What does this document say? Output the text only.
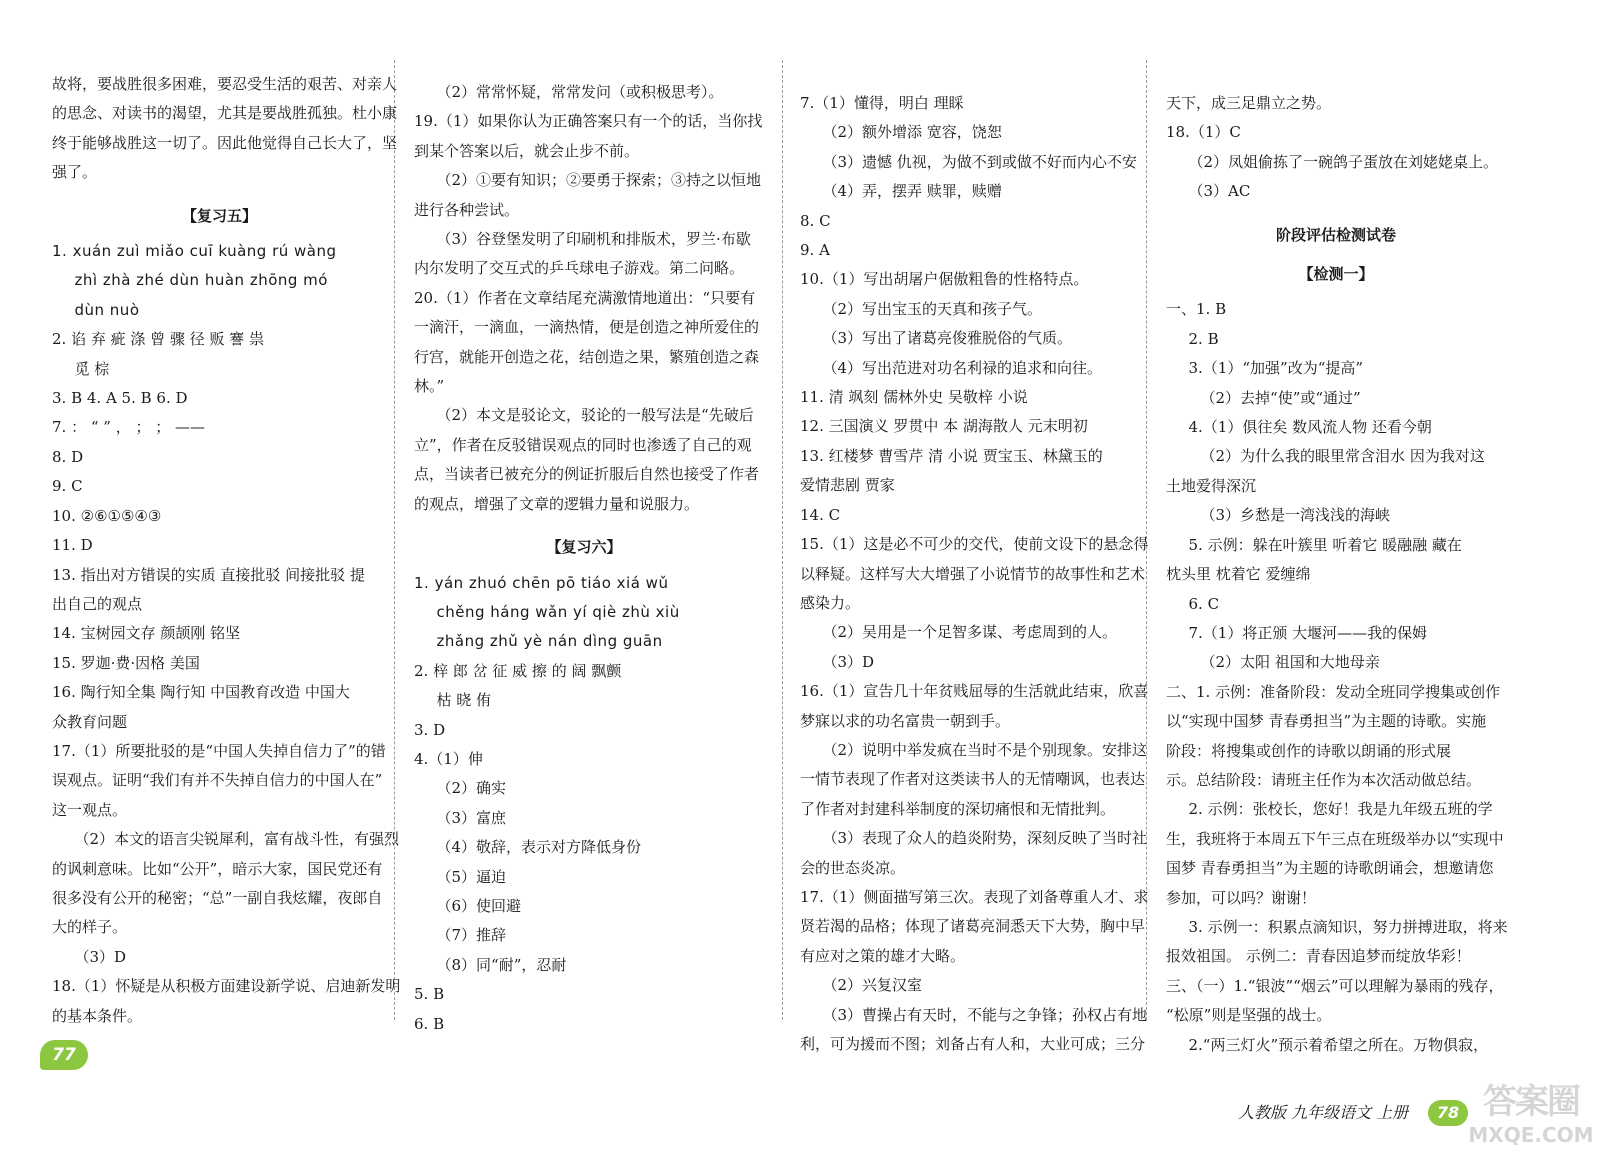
故将，要战胜很多困难，要忍受生活的艰苦、对亲人
的思念、对读书的渴望，尤其是要战胜孤独。杜小康
终于能够战胜这一切了。因此他觉得自己长大了，坚
强了。
【复习五】
1. xuán zuì miǎo cuī kuàng rú wàng
zhì zhà zhé dùn huàn zhōng mó
dùn nuò
2. 谄 弃 疵 涤 曾 骤 径 贩 謇 祟
觅 棕
3. B 4. A 5. B 6. D
7. ： “ ” ， ； ； ——
8. D
9. C
10. ②⑥①⑤④③
11. D
13. 指出对方错误的实质 直接批驳 间接批驳 提
出自己的观点
14. 宝树园文存 颜颉刚 铭坚
15. 罗迦·费·因格 美国
16. 陶行知全集 陶行知 中国教育改造 中国大
众教育问题
17.（1）所要批驳的是“中国人失掉自信力了”的错
误观点。证明“我们有并不失掉自信力的中国人在”
这一观点。
（2）本文的语言尖锐犀利，富有战斗性，有强烈
的讽刺意味。比如“公开”，暗示大家，国民党还有
很多没有公开的秘密；“总”一副自我炫耀，夜郎自
大的样子。
（3）D
18.（1）怀疑是从积极方面建设新学说、启迪新发明
的基本条件。
（2）常常怀疑，常常发问（或积极思考）。
19.（1）如果你认为正确答案只有一个的话，当你找
到某个答案以后，就会止步不前。
（2）①要有知识；②要勇于探索；③持之以恒地
进行各种尝试。
（3）谷登堡发明了印刷机和排版术，罗兰·布歇
内尔发明了交互式的乒乓球电子游戏。第二问略。
20.（1）作者在文章结尾充满激情地道出：“只要有
一滴汗，一滴血，一滴热情，便是创造之神所爱住的
行宫，就能开创造之花，结创造之果，繁殖创造之森
林。”
（2）本文是驳论文，驳论的一般写法是“先破后
立”，作者在反驳错误观点的同时也渗透了自己的观
点，当读者已被充分的例证折服后自然也接受了作者
的观点，增强了文章的逻辑力量和说服力。
【复习六】
1. yán zhuó chēn pō tiáo xiá wǔ
chěng háng wǎn yí qiè zhù xiù
zhǎng zhǔ yè nán dìng guān
2. 梓 郎 岔 征 威 擦 的 阔 飘颤
枯 晓 侑
3. D
4.（1）伸
（2）确实
（3）富庶
（4）敬辞，表示对方降低身份
（5）逼迫
（6）使回避
（7）推辞
（8）同“耐”，忍耐
5. B
6. B
7.（1）懂得，明白 理睬
（2）额外增添 宽容，饶恕
（3）遗憾 仇视，为做不到或做不好而内心不安
（4）弄，摆弄 赎罪，赎赠
8. C
9. A
10.（1）写出胡屠户倨傲粗鲁的性格特点。
（2）写出宝玉的天真和孩子气。
（3）写出了诸葛亮俊雅脱俗的气质。
（4）写出范进对功名利禄的追求和向往。
11. 清 飒刻 儒林外史 吴敬梓 小说
12. 三国演义 罗贯中 本 湖海散人 元末明初
13. 红楼梦 曹雪芹 清 小说 贾宝玉、林黛玉的
爱情悲剧 贾家
14. C
15.（1）这是必不可少的交代，使前文设下的悬念得
以释疑。这样写大大增强了小说情节的故事性和艺术
感染力。
（2）吴用是一个足智多谋、考虑周到的人。
（3）D
16.（1）宣告几十年贫贱屈辱的生活就此结束，欣喜
梦寐以求的功名富贵一朝到手。
（2）说明中举发疯在当时不是个别现象。安排这
一情节表现了作者对这类读书人的无情嘲讽，也表达
了作者对封建科举制度的深切痛恨和无情批判。
（3）表现了众人的趋炎附势，深刻反映了当时社
会的世态炎凉。
17.（1）侧面描写第三次。表现了刘备尊重人才、求
贤若渴的品格；体现了诸葛亮洞悉天下大势，胸中早
有应对之策的雄才大略。
（2）兴复汉室
（3）曹操占有天时，不能与之争锋；孙权占有地
利，可为援而不图；刘备占有人和，大业可成；三分
天下，成三足鼎立之势。
18.（1）C
（2）凤姐偷拣了一碗鸽子蛋放在刘姥姥桌上。
（3）AC
阶段评估检测试卷
【检测一】
一、1. B
2. B
3.（1）“加强”改为“提高”
（2）去掉“使”或“通过”
4.（1）俱往矣 数风流人物 还看今朝
（2）为什么我的眼里常含泪水 因为我对这
土地爱得深沉
（3）乡愁是一湾浅浅的海峡
5. 示例：躲在叶簇里 听着它 暖融融 藏在
枕头里 枕着它 爱缠绵
6. C
7.（1）将正颁 大堰河——我的保姆
（2）太阳 祖国和大地母亲
二、1. 示例：准备阶段：发动全班同学搜集或创作
以“实现中国梦 青春勇担当”为主题的诗歌。实施
阶段：将搜集或创作的诗歌以朗诵的形式展
示。总结阶段：请班主任作为本次活动做总结。
2. 示例：张校长，您好！我是九年级五班的学
生，我班将于本周五下午三点在班级举办以“实现中
国梦 青春勇担当”为主题的诗歌朗诵会，想邀请您
参加，可以吗？谢谢！
3. 示例一：积累点滴知识，努力拼搏进取，将来
报效祖国。 示例二：青春因追梦而绽放华彩！
三、（一）1.“银波”“烟云”可以理解为暴雨的残存，
“松原”则是坚强的战士。
2.“两三灯火”预示着希望之所在。万物俱寂，
77
人教版 九年级语文 上册	78 答案圈
MXQE.COM
